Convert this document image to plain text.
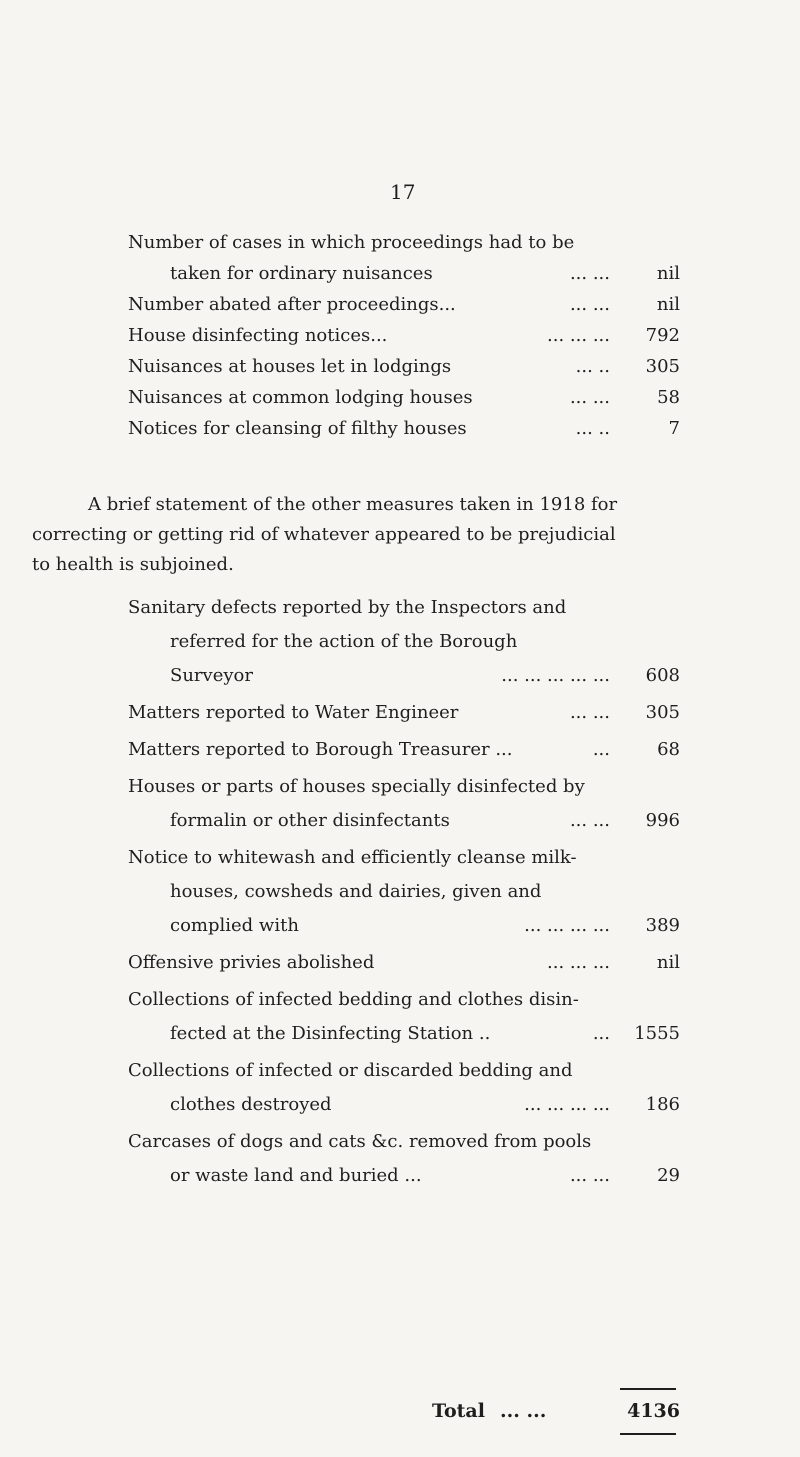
17
Number of cases in which proceedings had to be
taken for ordinary nuisances	... ...	nil
Number abated after proceedings...	... ...	nil
House disinfecting notices...	... ... ...	792
Nuisances at houses let in lodgings	... ..	305
Nuisances at common lodging houses	... ...	58
Notices for cleansing of filthy houses	... ..	7
A brief statement of the other measures taken in 1918 for
correcting or getting rid of whatever appeared to be prejudicial
to health is subjoined.
Sanitary defects reported by the Inspectors and
referred for the action of the Borough
Surveyor	... ... ... ... ...	608
Matters reported to Water Engineer	... ...	305
Matters reported to Borough Treasurer ...	...	68
Houses or parts of houses specially disinfected by
formalin or other disinfectants	... ...	996
Notice to whitewash and efficiently cleanse milk-
houses, cowsheds and dairies, given and
complied with	... ... ... ...	389
Offensive privies abolished	... ... ...	nil
Collections of infected bedding and clothes disin-
fected at the Disinfecting Station ..	...	1555
Collections of infected or discarded bedding and
clothes destroyed	... ... ... ...	186
Carcases of dogs and cats &c. removed from pools
or waste land and buried ...	... ...	29
Total ... ...	4136
